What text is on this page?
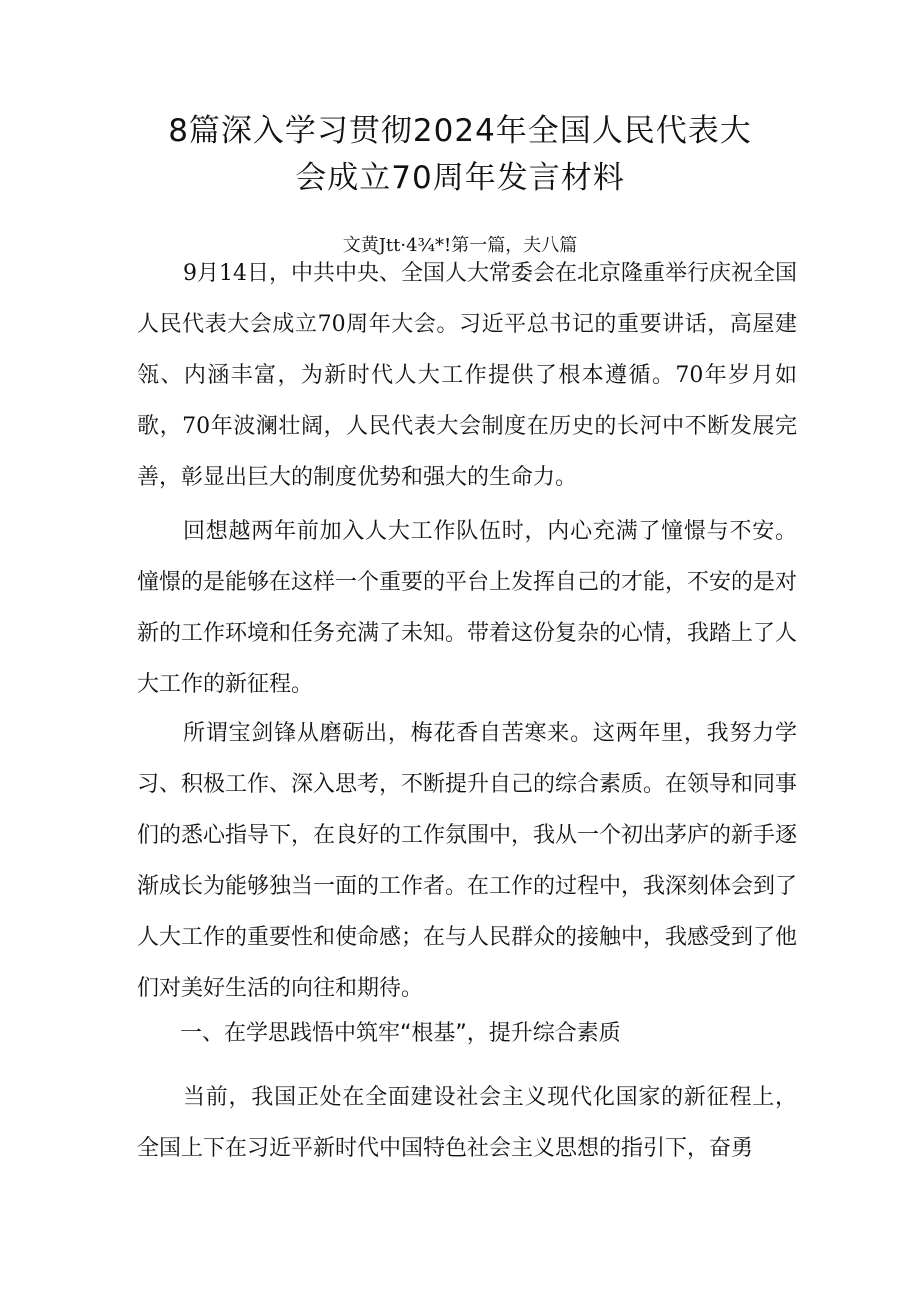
8篇深入学习贯彻2024年全国人民代表大
会成立70周年发言材料

文黄Jtt·4¾*!第一篇，夫八篇

9月14日，中共中央、全国人大常委会在北京隆重举行庆祝全国人民代表大会成立70周年大会。习近平总书记的重要讲话，高屋建瓴、内涵丰富，为新时代人大工作提供了根本遵循。70年岁月如歌，70年波澜壮阔，人民代表大会制度在历史的长河中不断发展完善，彰显出巨大的制度优势和强大的生命力。

回想越两年前加入人大工作队伍时，内心充满了憧憬与不安。憧憬的是能够在这样一个重要的平台上发挥自己的才能，不安的是对新的工作环境和任务充满了未知。带着这份复杂的心情，我踏上了人大工作的新征程。

所谓宝剑锋从磨砺出，梅花香自苦寒来。这两年里，我努力学习、积极工作、深入思考，不断提升自己的综合素质。在领导和同事们的悉心指导下，在良好的工作氛围中，我从一个初出茅庐的新手逐渐成长为能够独当一面的工作者。在工作的过程中，我深刻体会到了人大工作的重要性和使命感；在与人民群众的接触中，我感受到了他们对美好生活的向往和期待。

一、在学思践悟中筑牢“根基”，提升综合素质

当前，我国正处在全面建设社会主义现代化国家的新征程上，全国上下在习近平新时代中国特色社会主义思想的指引下，奋勇
